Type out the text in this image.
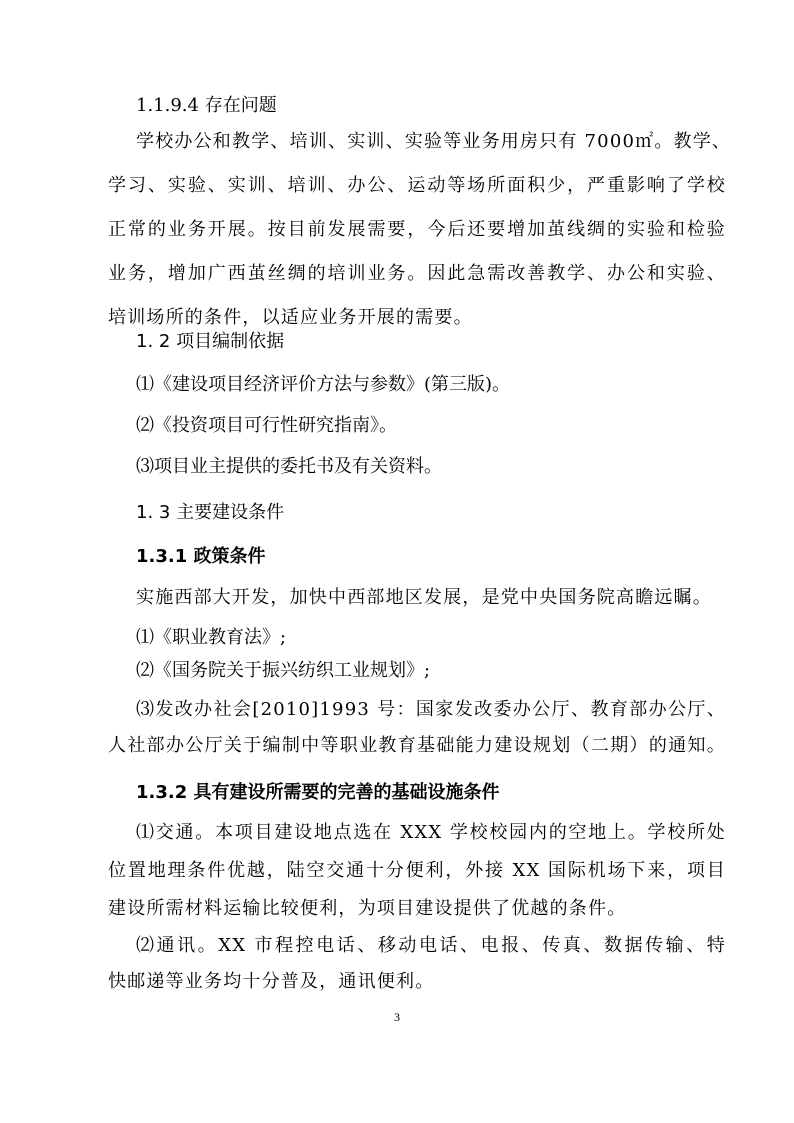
1.1.9.4 存在问题
学校办公和教学、培训、实训、实验等业务用房只有 7000㎡。教学、
学习、实验、实训、培训、办公、运动等场所面积少，严重影响了学校
正常的业务开展。按目前发展需要，今后还要增加茧线绸的实验和检验
业务，增加广西茧丝绸的培训业务。因此急需改善教学、办公和实验、
培训场所的条件，以适应业务开展的需要。
1. 2 项目编制依据
⑴《建设项目经济评价方法与参数》(第三版)。
⑵《投资项目可行性研究指南》。
⑶项目业主提供的委托书及有关资料。
1. 3 主要建设条件
1.3.1 政策条件
实施西部大开发，加快中西部地区发展，是党中央国务院高瞻远瞩。
⑴《职业教育法》;
⑵《国务院关于振兴纺织工业规划》;
⑶发改办社会[2010]1993 号：国家发改委办公厅、教育部办公厅、
人社部办公厅关于编制中等职业教育基础能力建设规划（二期）的通知。
1.3.2 具有建设所需要的完善的基础设施条件
⑴交通。本项目建设地点选在 XXX 学校校园内的空地上。学校所处
位置地理条件优越，陆空交通十分便利，外接 XX 国际机场下来，项目
建设所需材料运输比较便利，为项目建设提供了优越的条件。
⑵通讯。XX 市程控电话、移动电话、电报、传真、数据传输、特
快邮递等业务均十分普及，通讯便利。
3
